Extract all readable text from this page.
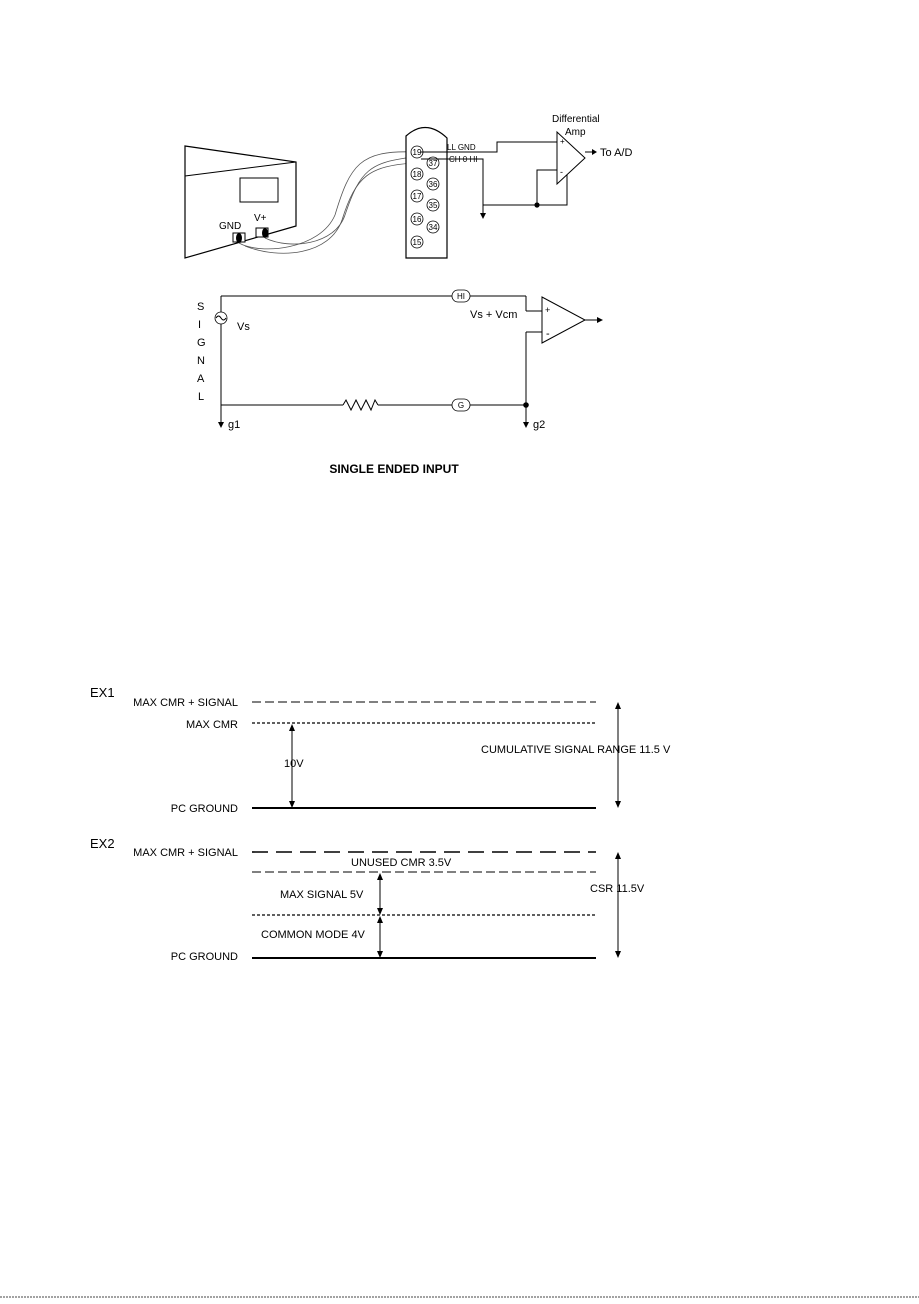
GND
V+
19
37
18
36
17
35
16
34
15
LL GND
CH 0 HI
+
-
Differential
Amp
To A/D
S
I
G
N
A
L
g1	g2
Vs
HI
G
Vs + Vcm	+
-
SINGLE ENDED INPUT
EX1
MAX CMR + SIGNAL
MAX CMR
PC GROUND
10V
CUMULATIVE SIGNAL RANGE 11.5 V
EX2
MAX CMR + SIGNAL
PC GROUND
UNUSED CMR 3.5V
MAX SIGNAL 5V
COMMON MODE 4V
CSR 11.5V
